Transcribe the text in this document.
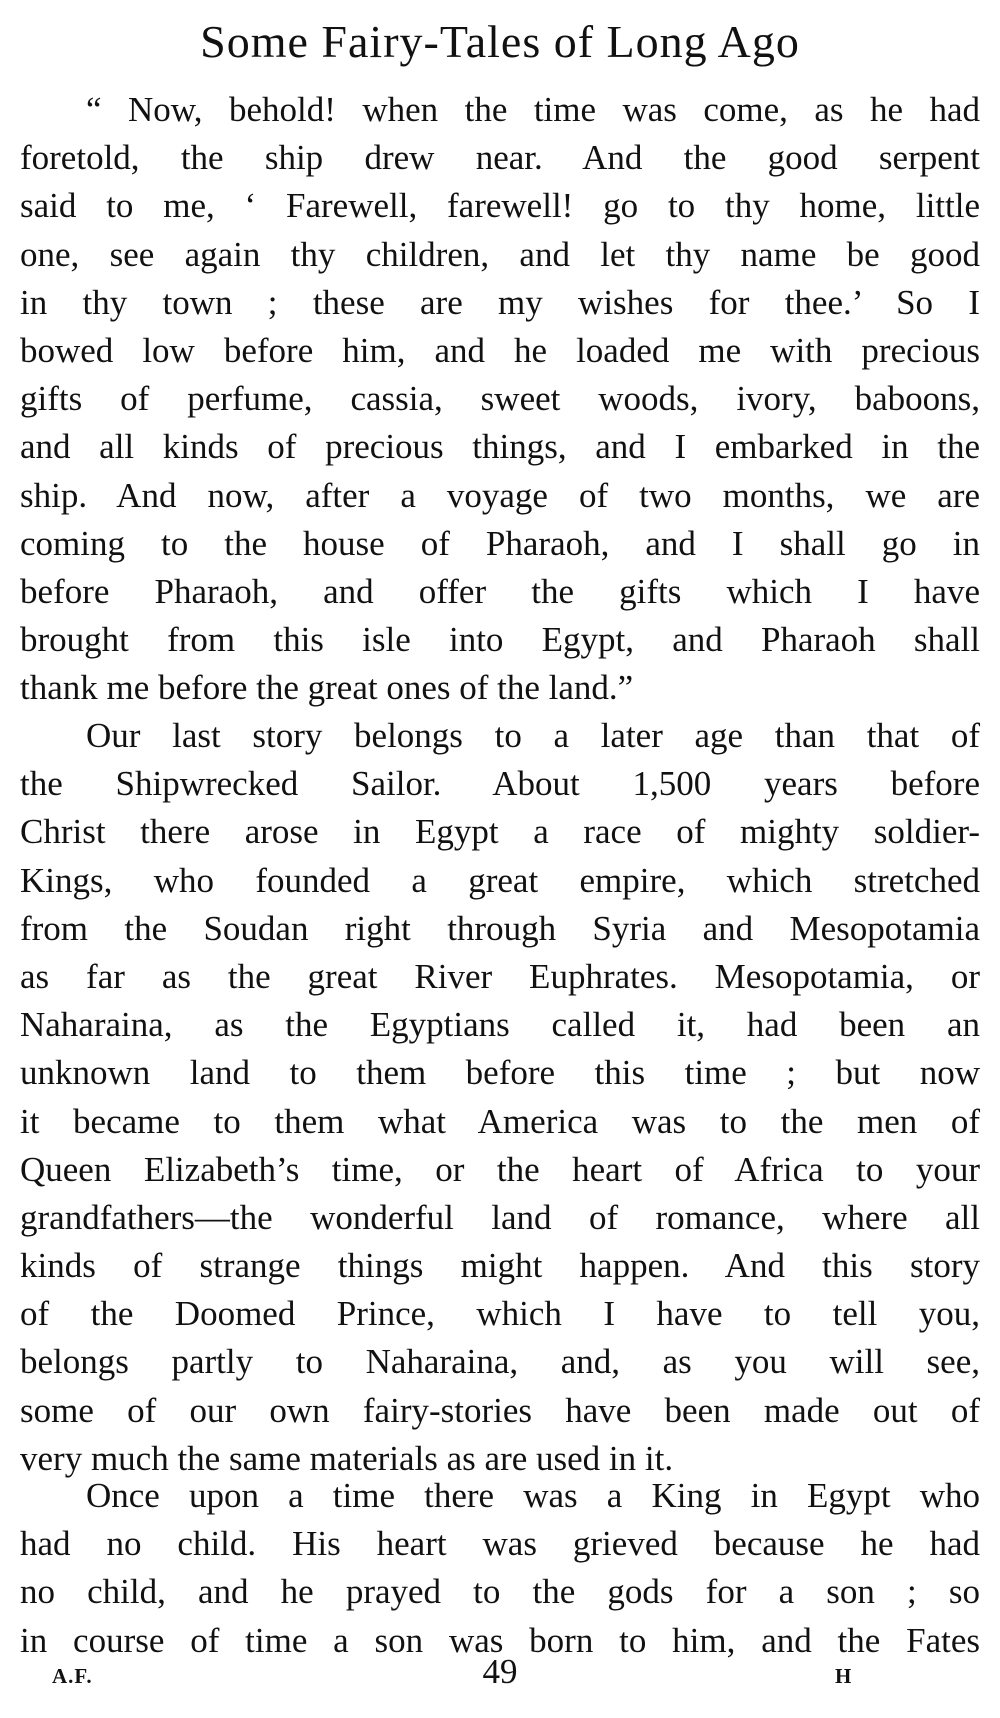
Some Fairy-Tales of Long Ago
“ Now, behold! when the time was come, as he had
foretold, the ship drew near. And the good serpent
said to me, ‘ Farewell, farewell! go to thy home, little
one, see again thy children, and let thy name be good
in thy town ; these are my wishes for thee.’ So I
bowed low before him, and he loaded me with precious
gifts of perfume, cassia, sweet woods, ivory, baboons,
and all kinds of precious things, and I embarked in the
ship. And now, after a voyage of two months, we are
coming to the house of Pharaoh, and I shall go in
before Pharaoh, and offer the gifts which I have
brought from this isle into Egypt, and Pharaoh shall
thank me before the great ones of the land.”
Our last story belongs to a later age than that of
the Shipwrecked Sailor. About 1,500 years before
Christ there arose in Egypt a race of mighty soldier-
Kings, who founded a great empire, which stretched
from the Soudan right through Syria and Mesopotamia
as far as the great River Euphrates. Mesopotamia, or
Naharaina, as the Egyptians called it, had been an
unknown land to them before this time ; but now
it became to them what America was to the men of
Queen Elizabeth’s time, or the heart of Africa to your
grandfathers—the wonderful land of romance, where all
kinds of strange things might happen. And this story
of the Doomed Prince, which I have to tell you,
belongs partly to Naharaina, and, as you will see,
some of our own fairy-stories have been made out of
very much the same materials as are used in it.
Once upon a time there was a King in Egypt who
had no child. His heart was grieved because he had
no child, and he prayed to the gods for a son ; so
in course of time a son was born to him, and the Fates
A.F.	49	H
